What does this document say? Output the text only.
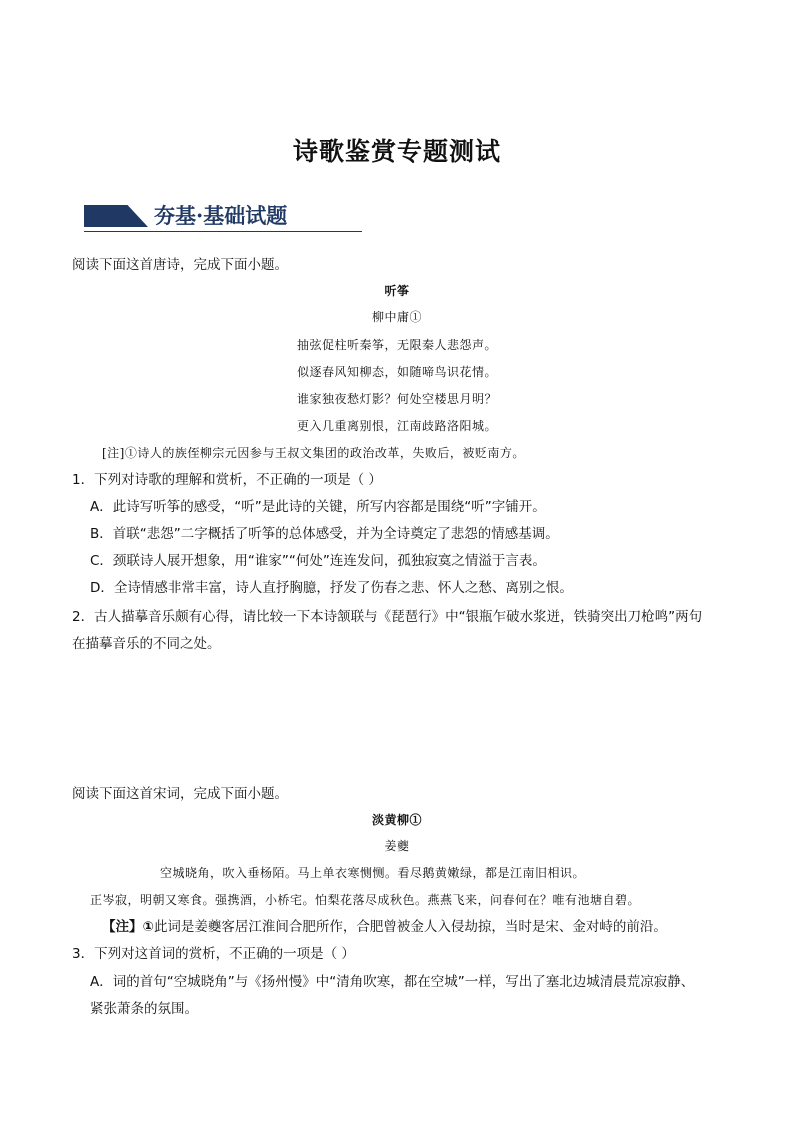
诗歌鉴赏专题测试
夯基·基础试题
阅读下面这首唐诗，完成下面小题。
听筝
柳中庸①
抽弦促柱听秦筝，无限秦人悲怨声。
似逐春风知柳态，如随啼鸟识花情。
谁家独夜愁灯影？何处空楼思月明？
更入几重离别恨，江南歧路洛阳城。
[注]①诗人的族侄柳宗元因参与王叔文集团的政治改革，失败后，被贬南方。
1．下列对诗歌的理解和赏析，不正确的一项是（ ）
A．此诗写听筝的感受，“听”是此诗的关键，所写内容都是围绕“听”字铺开。
B．首联“悲怨”二字概括了听筝的总体感受，并为全诗奠定了悲怨的情感基调。
C．颈联诗人展开想象，用“谁家”“何处”连连发问，孤独寂寞之情溢于言表。
D．全诗情感非常丰富，诗人直抒胸臆，抒发了伤春之悲、怀人之愁、离别之恨。
2．古人描摹音乐颇有心得，请比较一下本诗颔联与《琵琶行》中“银瓶乍破水浆迸，铁骑突出刀枪鸣”两句
在描摹音乐的不同之处。
阅读下面这首宋词，完成下面小题。
淡黄柳①
姜夔
空城晓角，吹入垂杨陌。马上单衣寒恻恻。看尽鹅黄嫩绿，都是江南旧相识。
正岑寂，明朝又寒食。强携酒，小桥宅。怕梨花落尽成秋色。燕燕飞来，问春何在？唯有池塘自碧。
【注】①此词是姜夔客居江淮间合肥所作，合肥曾被金人入侵劫掠，当时是宋、金对峙的前沿。
3．下列对这首词的赏析，不正确的一项是（ ）
A．词的首句“空城晓角”与《扬州慢》中“清角吹寒，都在空城”一样，写出了塞北边城清晨荒凉寂静、
紧张萧条的氛围。
